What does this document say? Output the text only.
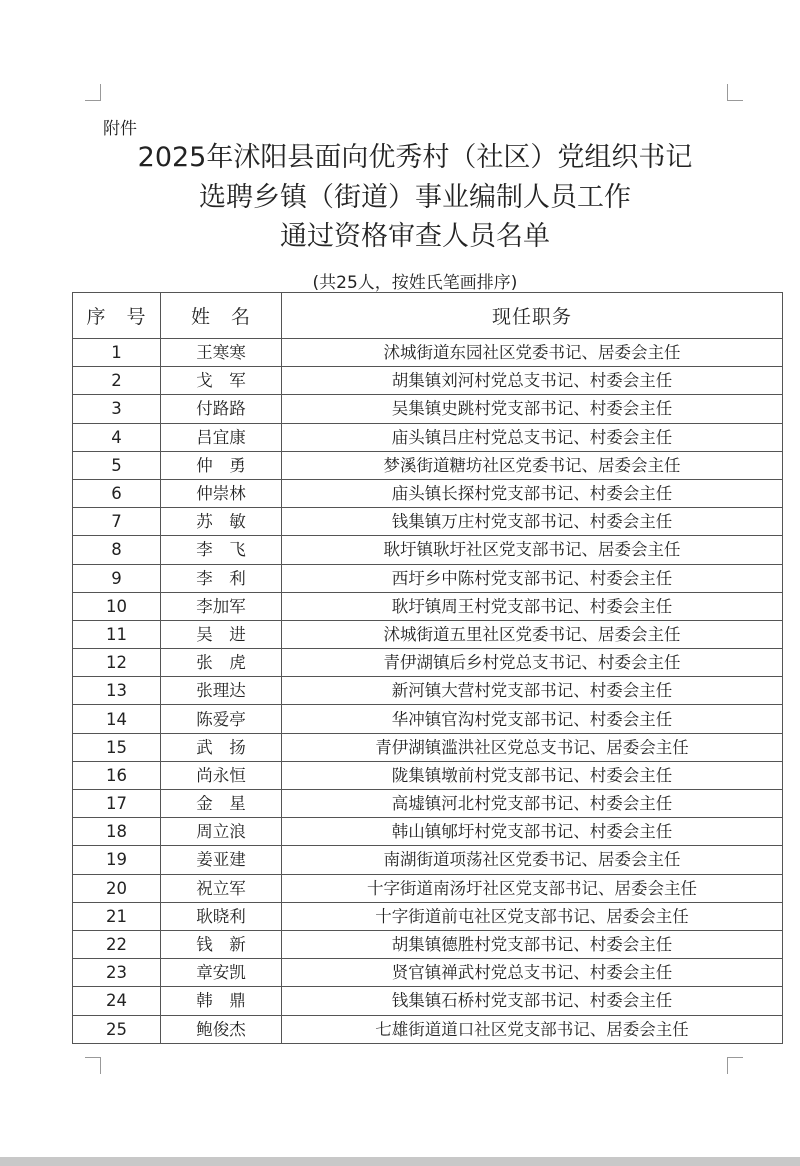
附件
2025年沭阳县面向优秀村（社区）党组织书记
选聘乡镇（街道）事业编制人员工作
通过资格审查人员名单
(共25人，按姓氏笔画排序)
序　号	姓　名	现任职务
1	王寒寒	沭城街道东园社区党委书记、居委会主任
2	戈　军	胡集镇刘河村党总支书记、村委会主任
3	付路路	吴集镇史跳村党支部书记、村委会主任
4	吕宜康	庙头镇吕庄村党总支书记、村委会主任
5	仲　勇	梦溪街道糖坊社区党委书记、居委会主任
6	仲崇林	庙头镇长探村党支部书记、村委会主任
7	苏　敏	钱集镇万庄村党支部书记、村委会主任
8	李　飞	耿圩镇耿圩社区党支部书记、居委会主任
9	李　利	西圩乡中陈村党支部书记、村委会主任
10	李加军	耿圩镇周王村党支部书记、村委会主任
11	吴　进	沭城街道五里社区党委书记、居委会主任
12	张　虎	青伊湖镇后乡村党总支书记、村委会主任
13	张理达	新河镇大营村党支部书记、村委会主任
14	陈爱亭	华冲镇官沟村党支部书记、村委会主任
15	武　扬	青伊湖镇滥洪社区党总支书记、居委会主任
16	尚永恒	陇集镇墩前村党支部书记、村委会主任
17	金　星	高墟镇河北村党支部书记、村委会主任
18	周立浪	韩山镇郇圩村党支部书记、村委会主任
19	姜亚建	南湖街道项荡社区党委书记、居委会主任
20	祝立军	十字街道南汤圩社区党支部书记、居委会主任
21	耿晓利	十字街道前屯社区党支部书记、居委会主任
22	钱　新	胡集镇德胜村党支部书记、村委会主任
23	章安凯	贤官镇禅武村党总支书记、村委会主任
24	韩　鼎	钱集镇石桥村党支部书记、村委会主任
25	鲍俊杰	七雄街道道口社区党支部书记、居委会主任
